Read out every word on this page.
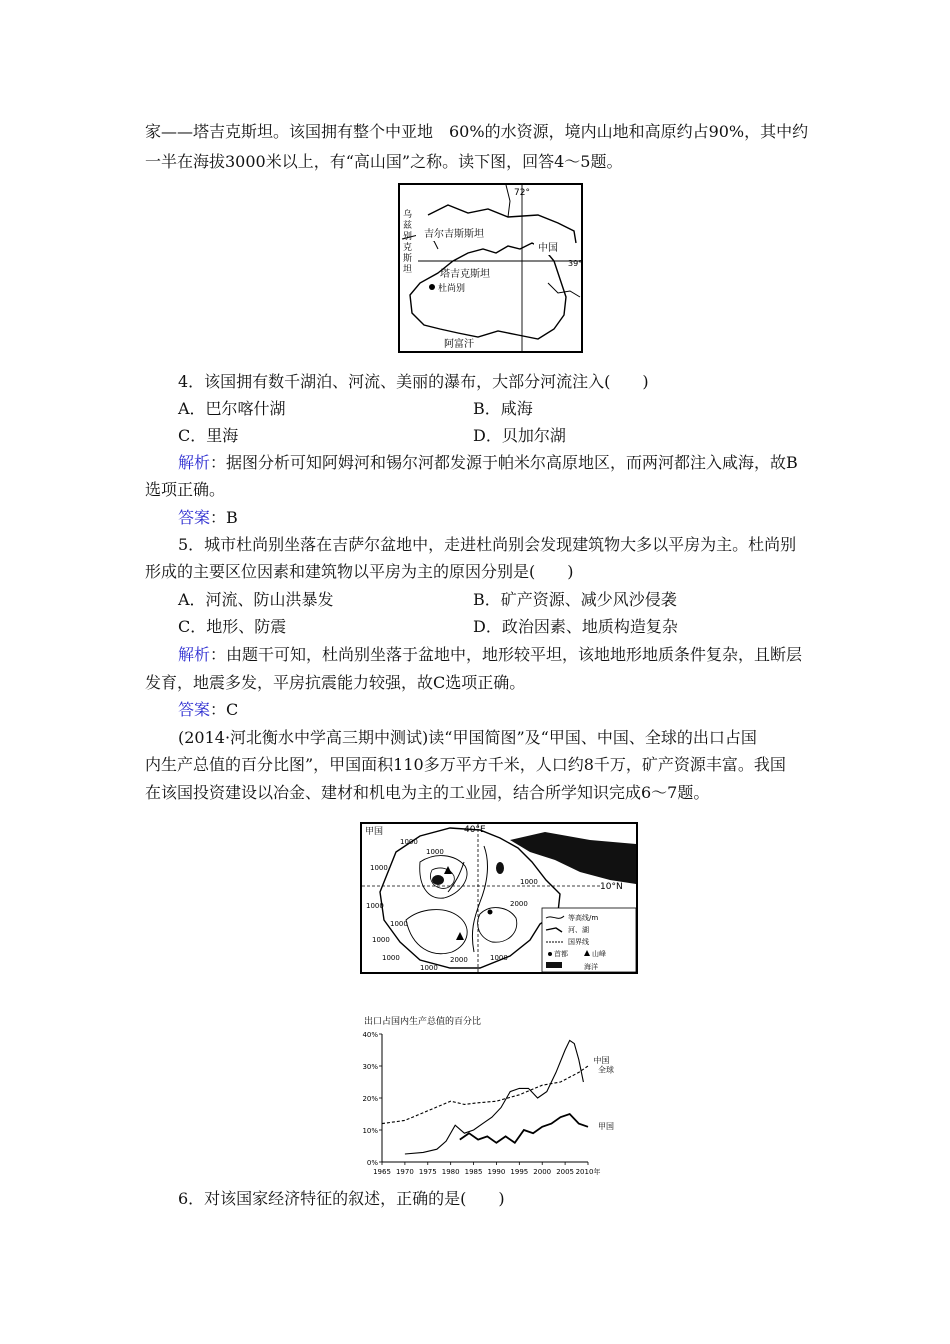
家——塔吉克斯坦。该国拥有整个中亚地　60%的水资源，境内山地和高原约占90%，其中约
一半在海拔3000米以上，有“高山国”之称。读下图，回答4～5题。
吉尔吉斯斯坦
中国
塔吉克斯坦
杜尚别
阿富汗
72°
39°
乌兹别克斯坦
4．该国拥有数千湖泊、河流、美丽的瀑布，大部分河流注入(　　)
A．巴尔喀什湖	B．咸海
C．里海	D．贝加尔湖
解析：据图分析可知阿姆河和锡尔河都发源于帕米尔高原地区，而两河都注入咸海，故B
选项正确。
答案：B
5．城市杜尚别坐落在吉萨尔盆地中，走进杜尚别会发现建筑物大多以平房为主。杜尚别
形成的主要区位因素和建筑物以平房为主的原因分别是(　　)
A．河流、防山洪暴发	B．矿产资源、减少风沙侵袭
C．地形、防震	D．政治因素、地质构造复杂
解析：由题干可知，杜尚别坐落于盆地中，地形较平坦，该地地形地质条件复杂，且断层
发育，地震多发，平房抗震能力较强，故C选项正确。
答案：C
(2014·河北衡水中学高三期中测试)读“甲国简图”及“甲国、中国、全球的出口占国
内生产总值的百分比图”，甲国面积110多万平方千米，人口约8千万，矿产资源丰富。我国
在该国投资建设以冶金、建材和机电为主的工业园，结合所学知识完成6～7题。
甲国	40°E
10°N
1000
1000
1000
1000
1000
1000
2000
2000
1000
1000
1000
1000
等高线/m
河、湖
国界线
首都	山峰
海洋
出口占国内生产总值的百分比
40%
30%
20%
10%
0%
1965 1970 1975 1980 1985 1990 1995 2000 2005 2010年
中国
全球
甲国
6．对该国家经济特征的叙述，正确的是(　　)
